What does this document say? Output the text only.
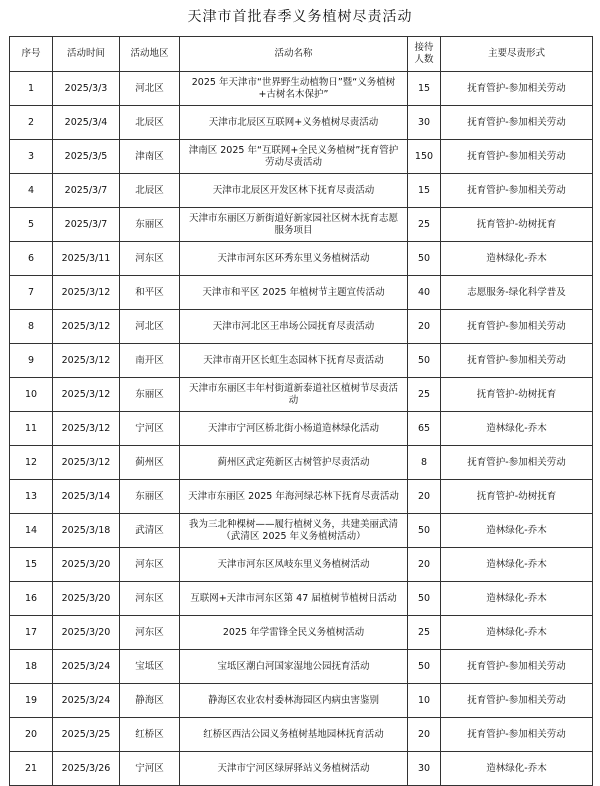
天津市首批春季义务植树尽责活动
序号	活动时间	活动地区	活动名称	接待人数	主要尽责形式
1	2025/3/3	河北区	2025 年天津市“世界野生动植物日”暨“义务植树+古树名木保护”	15	抚育管护-参加相关劳动
2	2025/3/4	北辰区	天津市北辰区互联网+义务植树尽责活动	30	抚育管护-参加相关劳动
3	2025/3/5	津南区	津南区 2025 年“互联网+全民义务植树”抚育管护劳动尽责活动	150	抚育管护-参加相关劳动
4	2025/3/7	北辰区	天津市北辰区开发区林下抚育尽责活动	15	抚育管护-参加相关劳动
5	2025/3/7	东丽区	天津市东丽区万新街道好新家园社区树木抚育志愿服务项目	25	抚育管护-幼树抚育
6	2025/3/11	河东区	天津市河东区环秀东里义务植树活动	50	造林绿化-乔木
7	2025/3/12	和平区	天津市和平区 2025 年植树节主题宣传活动	40	志愿服务-绿化科学普及
8	2025/3/12	河北区	天津市河北区王串场公园抚育尽责活动	20	抚育管护-参加相关劳动
9	2025/3/12	南开区	天津市南开区长虹生态园林下抚育尽责活动	50	抚育管护-参加相关劳动
10	2025/3/12	东丽区	天津市东丽区丰年村街道新泰道社区植树节尽责活动	25	抚育管护-幼树抚育
11	2025/3/12	宁河区	天津市宁河区桥北街小杨道造林绿化活动	65	造林绿化-乔木
12	2025/3/12	蓟州区	蓟州区武定苑新区古树管护尽责活动	8	抚育管护-参加相关劳动
13	2025/3/14	东丽区	天津市东丽区 2025 年海河绿芯林下抚育尽责活动	20	抚育管护-幼树抚育
14	2025/3/18	武清区	我为三北种棵树——履行植树义务，共建美丽武清（武清区 2025 年义务植树活动）	50	造林绿化-乔木
15	2025/3/20	河东区	天津市河东区凤岐东里义务植树活动	20	造林绿化-乔木
16	2025/3/20	河东区	互联网+天津市河东区第 47 届植树节植树日活动	50	造林绿化-乔木
17	2025/3/20	河东区	2025 年学雷锋全民义务植树活动	25	造林绿化-乔木
18	2025/3/24	宝坻区	宝坻区潮白河国家湿地公园抚育活动	50	抚育管护-参加相关劳动
19	2025/3/24	静海区	静海区农业农村委林海园区内病虫害鉴别	10	抚育管护-参加相关劳动
20	2025/3/25	红桥区	红桥区西沽公园义务植树基地园林抚育活动	20	抚育管护-参加相关劳动
21	2025/3/26	宁河区	天津市宁河区绿屏驿站义务植树活动	30	造林绿化-乔木
